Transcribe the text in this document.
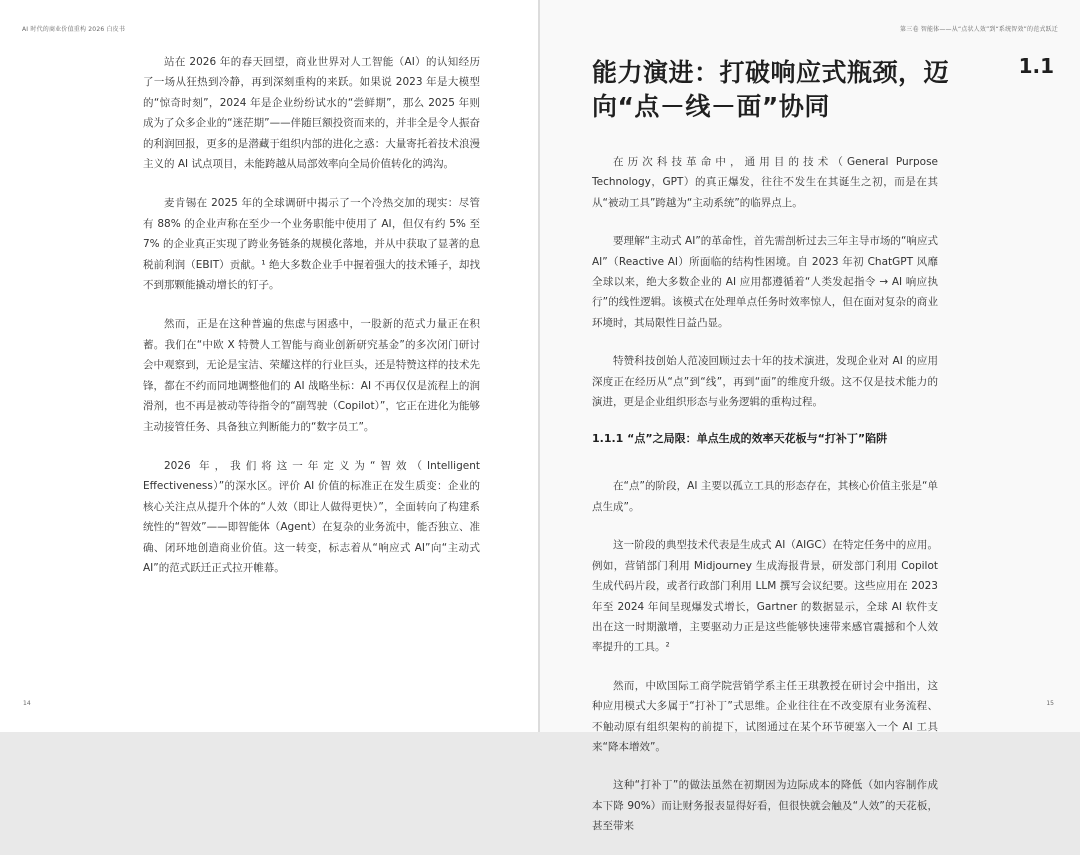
AI 时代的商业价值重构 2026 白皮书

站在 2026 年的春天回望，商业世界对人工智能（AI）的认知经历了一场从狂热到冷静，再到深刻重构的来跃。如果说 2023 年是大模型的“惊奇时刻”，2024 年是企业纷纷试水的“尝鲜期”，那么 2025 年则成为了众多企业的“迷茫期”——伴随巨额投资而来的，并非全是令人振奋的利润回报，更多的是潜藏于组织内部的进化之惑：大量寄托着技术浪漫主义的 AI 试点项目，未能跨越从局部效率向全局价值转化的鸿沟。

麦肯锡在 2025 年的全球调研中揭示了一个冷热交加的现实：尽管有 88% 的企业声称在至少一个业务职能中使用了 AI，但仅有约 5% 至 7% 的企业真正实现了跨业务链条的规模化落地，并从中获取了显著的息税前利润（EBIT）贡献。¹ 绝大多数企业手中握着强大的技术锤子，却找不到那颗能撬动增长的钉子。

然而，正是在这种普遍的焦虑与困惑中，一股新的范式力量正在积蓄。我们在“中欧 X 特赞人工智能与商业创新研究基金”的多次闭门研讨会中观察到，无论是宝洁、荣耀这样的行业巨头，还是特赞这样的技术先锋，都在不约而同地调整他们的 AI 战略坐标：AI 不再仅仅是流程上的润滑剂，也不再是被动等待指令的“副驾驶（Copilot）”，它正在进化为能够主动接管任务、具备独立判断能力的“数字员工”。

2026 年，我们将这一年定义为“智效（Intelligent Effectiveness）”的深水区。评价 AI 价值的标准正在发生质变：企业的核心关注点从提升个体的“人效（即让人做得更快）”，全面转向了构建系统性的“智效”——即智能体（Agent）在复杂的业务流中，能否独立、准确、闭环地创造商业价值。这一转变，标志着从“响应式 AI”向“主动式 AI”的范式跃迁正式拉开帷幕。

14
第三卷 智能体——从“点状人效”到“系统智效”的范式跃迁
1.1
15
能力演进：打破响应式瓶颈，迈向“点－线－面”协同

在历次科技革命中，通用目的技术（General Purpose Technology，GPT）的真正爆发，往往不发生在其诞生之初，而是在其从“被动工具”跨越为“主动系统”的临界点上。

要理解“主动式 AI”的革命性，首先需剖析过去三年主导市场的“响应式 AI”（Reactive AI）所面临的结构性困境。自 2023 年初 ChatGPT 风靡全球以来，绝大多数企业的 AI 应用都遵循着“人类发起指令 → AI 响应执行”的线性逻辑。该模式在处理单点任务时效率惊人，但在面对复杂的商业环境时，其局限性日益凸显。

特赞科技创始人范凌回顾过去十年的技术演进，发现企业对 AI 的应用深度正在经历从“点”到“线”，再到“面”的维度升级。这不仅是技术能力的演进，更是企业组织形态与业务逻辑的重构过程。

1.1.1 “点”之局限：单点生成的效率天花板与“打补丁”陷阱

在“点”的阶段，AI 主要以孤立工具的形态存在，其核心价值主张是“单点生成”。

这一阶段的典型技术代表是生成式 AI（AIGC）在特定任务中的应用。例如，营销部门利用 Midjourney 生成海报背景，研发部门利用 Copilot 生成代码片段，或者行政部门利用 LLM 撰写会议纪要。这些应用在 2023 年至 2024 年间呈现爆发式增长，Gartner 的数据显示，全球 AI 软件支出在这一时期激增，主要驱动力正是这些能够快速带来感官震撼和个人效率提升的工具。²

然而，中欧国际工商学院营销学系主任王琪教授在研讨会中指出，这种应用模式大多属于“打补丁”式思维。企业往往在不改变原有业务流程、不触动原有组织架构的前提下，试图通过在某个环节硬塞入一个 AI 工具来“降本增效”。

这种“打补丁”的做法虽然在初期因为边际成本的降低（如内容制作成本下降 90%）而让财务报表显得好看，但很快就会触及“人效”的天花板，甚至带来
